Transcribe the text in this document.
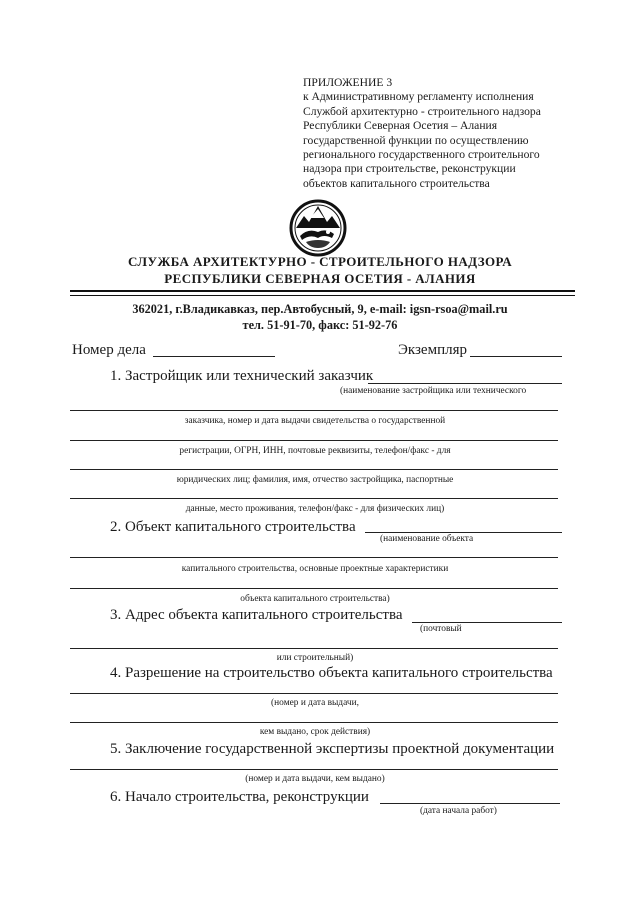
ПРИЛОЖЕНИЕ 3
к Административному регламенту исполнения
Службой архитектурно - строительного надзора
Республики Северная Осетия – Алания
государственной функции по осуществлению
регионального государственного строительного
надзора при строительстве, реконструкции
объектов капитального строительства
СЛУЖБА АРХИТЕКТУРНО - СТРОИТЕЛЬНОГО НАДЗОРА
РЕСПУБЛИКИ СЕВЕРНАЯ ОСЕТИЯ - АЛАНИЯ
362021, г.Владикавказ, пер.Автобусный, 9, e-mail: igsn-rsoa@mail.ru
тел. 51-91-70, факс: 51-92-76
Номер дела	Экземпляр
1. Застройщик или технический заказчик
(наименование застройщика или технического
заказчика, номер и дата выдачи свидетельства о государственной
регистрации, ОГРН, ИНН, почтовые реквизиты, телефон/факс - для
юридических лиц; фамилия, имя, отчество застройщика, паспортные
данные, место проживания, телефон/факс - для физических лиц)
2. Объект капитального строительства
(наименование объекта
капитального строительства, основные проектные характеристики
объекта капитального строительства)
3. Адрес объекта капитального строительства
(почтовый
или строительный)
4. Разрешение на строительство объекта капитального строительства
(номер и дата выдачи,
кем выдано, срок действия)
5. Заключение государственной экспертизы проектной документации
(номер и дата выдачи, кем выдано)
6. Начало строительства, реконструкции
(дата начала работ)
